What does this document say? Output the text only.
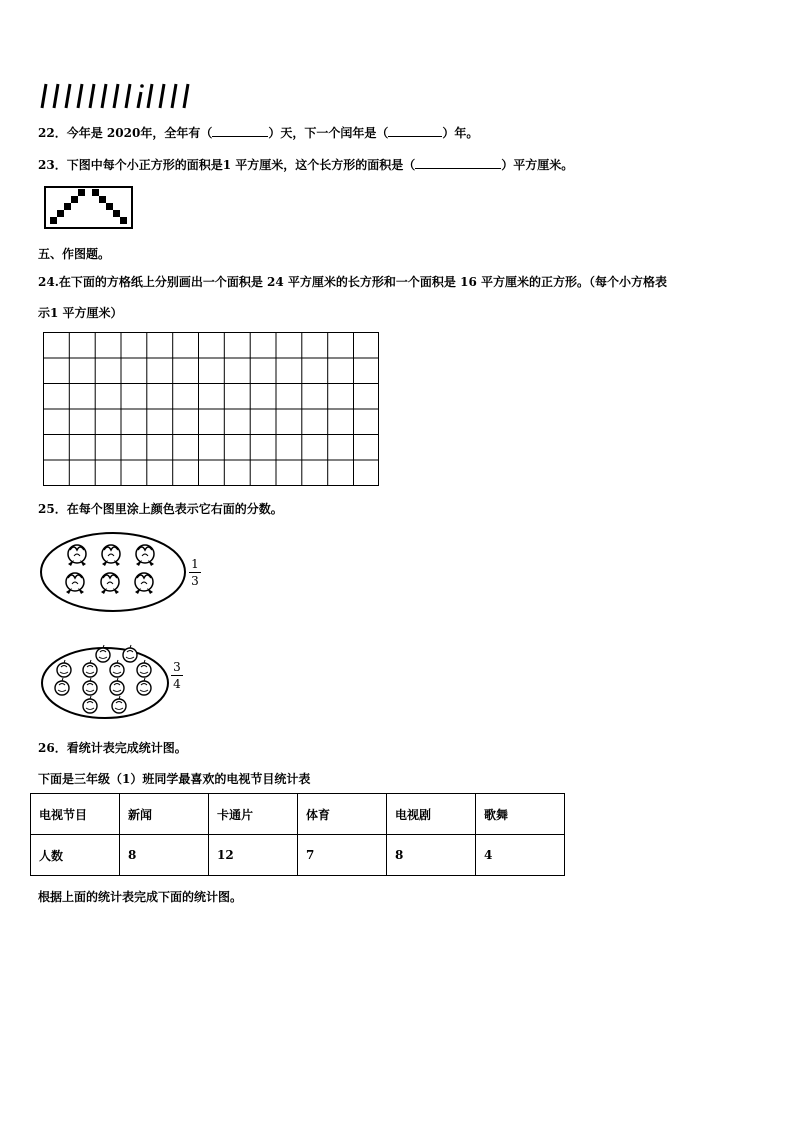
22．今年是 2020年，全年有（	）天，下一个闰年是（	）年。
23．下图中每个小正方形的面积是1 平方厘米，这个长方形的面积是（	）平方厘米。
五、作图题。
24.在下面的方格纸上分别画出一个面积是 24 平方厘米的长方形和一个面积是 16 平方厘米的正方形。（每个小方格表
示1 平方厘米）
25．在每个图里涂上颜色表示它右面的分数。
1
3
3
4
26．看统计表完成统计图。
下面是三年级（1）班同学最喜欢的电视节目统计表
电视节目	新闻	卡通片	体育	电视剧	歌舞
人数	8	12	7	8	4
根据上面的统计表完成下面的统计图。
